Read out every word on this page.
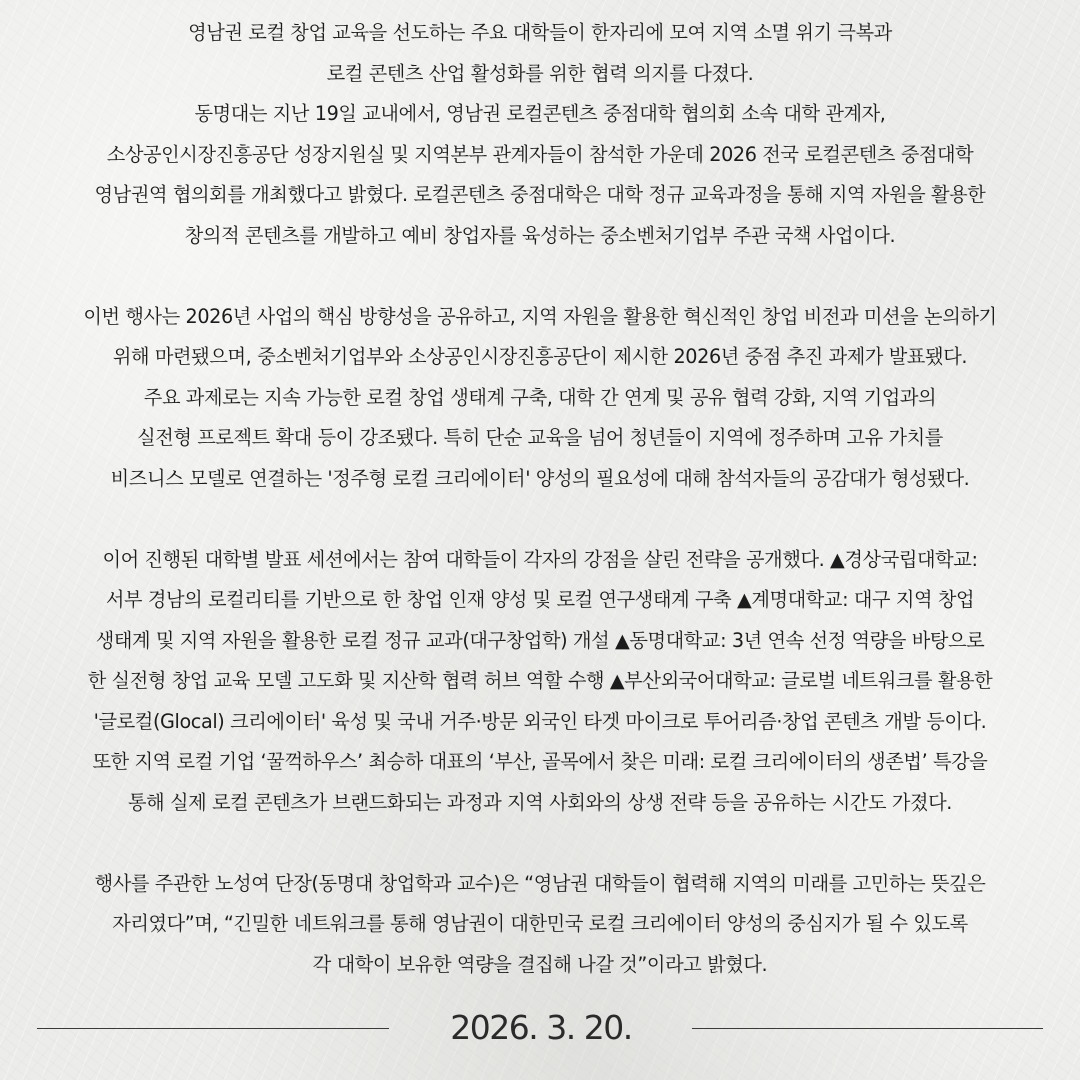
영남권 로컬 창업 교육을 선도하는 주요 대학들이 한자리에 모여 지역 소멸 위기 극복과
로컬 콘텐츠 산업 활성화를 위한 협력 의지를 다졌다.
동명대는 지난 19일 교내에서, 영남권 로컬콘텐츠 중점대학 협의회 소속 대학 관계자,
소상공인시장진흥공단 성장지원실 및 지역본부 관계자들이 참석한 가운데 2026 전국 로컬콘텐츠 중점대학
영남권역 협의회를 개최했다고 밝혔다. 로컬콘텐츠 중점대학은 대학 정규 교육과정을 통해 지역 자원을 활용한
창의적 콘텐츠를 개발하고 예비 창업자를 육성하는 중소벤처기업부 주관 국책 사업이다.
이번 행사는 2026년 사업의 핵심 방향성을 공유하고, 지역 자원을 활용한 혁신적인 창업 비전과 미션을 논의하기
위해 마련됐으며, 중소벤처기업부와 소상공인시장진흥공단이 제시한 2026년 중점 추진 과제가 발표됐다.
주요 과제로는 지속 가능한 로컬 창업 생태계 구축, 대학 간 연계 및 공유 협력 강화, 지역 기업과의
실전형 프로젝트 확대 등이 강조됐다. 특히 단순 교육을 넘어 청년들이 지역에 정주하며 고유 가치를
비즈니스 모델로 연결하는 '정주형 로컬 크리에이터' 양성의 필요성에 대해 참석자들의 공감대가 형성됐다.
이어 진행된 대학별 발표 세션에서는 참여 대학들이 각자의 강점을 살린 전략을 공개했다. ▲경상국립대학교:
서부 경남의 로컬리티를 기반으로 한 창업 인재 양성 및 로컬 연구생태계 구축 ▲계명대학교: 대구 지역 창업
생태계 및 지역 자원을 활용한 로컬 정규 교과(대구창업학) 개설 ▲동명대학교: 3년 연속 선정 역량을 바탕으로
한 실전형 창업 교육 모델 고도화 및 지산학 협력 허브 역할 수행 ▲부산외국어대학교: 글로벌 네트워크를 활용한
'글로컬(Glocal) 크리에이터' 육성 및 국내 거주·방문 외국인 타겟 마이크로 투어리즘·창업 콘텐츠 개발 등이다.
또한 지역 로컬 기업 ‘꿀꺽하우스’ 최승하 대표의 ‘부산, 골목에서 찾은 미래: 로컬 크리에이터의 생존법’ 특강을
통해 실제 로컬 콘텐츠가 브랜드화되는 과정과 지역 사회와의 상생 전략 등을 공유하는 시간도 가졌다.
행사를 주관한 노성여 단장(동명대 창업학과 교수)은 “영남권 대학들이 협력해 지역의 미래를 고민하는 뜻깊은
자리였다”며, “긴밀한 네트워크를 통해 영남권이 대한민국 로컬 크리에이터 양성의 중심지가 될 수 있도록
각 대학이 보유한 역량을 결집해 나갈 것”이라고 밝혔다.
2026. 3. 20.
